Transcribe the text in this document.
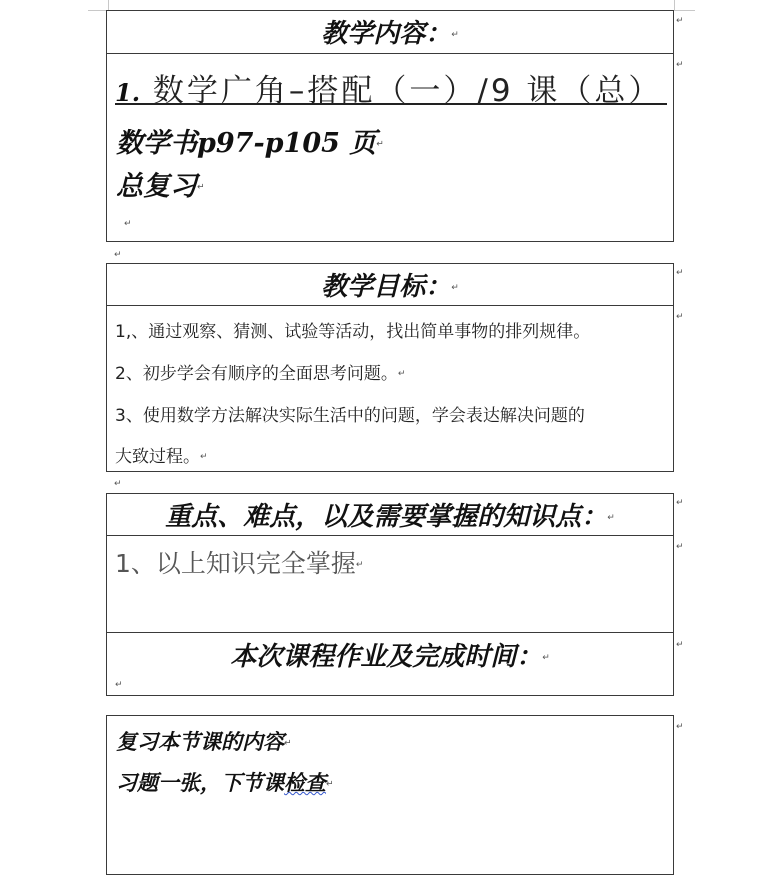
教学内容：↵
1. 数学广角–搭配（一）/9 课（总）
数学书p97-p105 页↵
总复习↵
↵
↵
↵
↵
教学目标：↵
1,、通过观察、猜测、试验等活动，找出简单事物的排列规律。
2、初步学会有顺序的全面思考问题。↵
3、使用数学方法解决实际生活中的问题，学会表达解决问题的
大致过程。↵
↵
↵
↵
重点、难点，以及需要掌握的知识点：↵
1、以上知识完全掌握↵
本次课程作业及完成时间：↵
↵
↵
↵
↵
复习本节课的内容↵
习题一张，下节课检查↵
↵
